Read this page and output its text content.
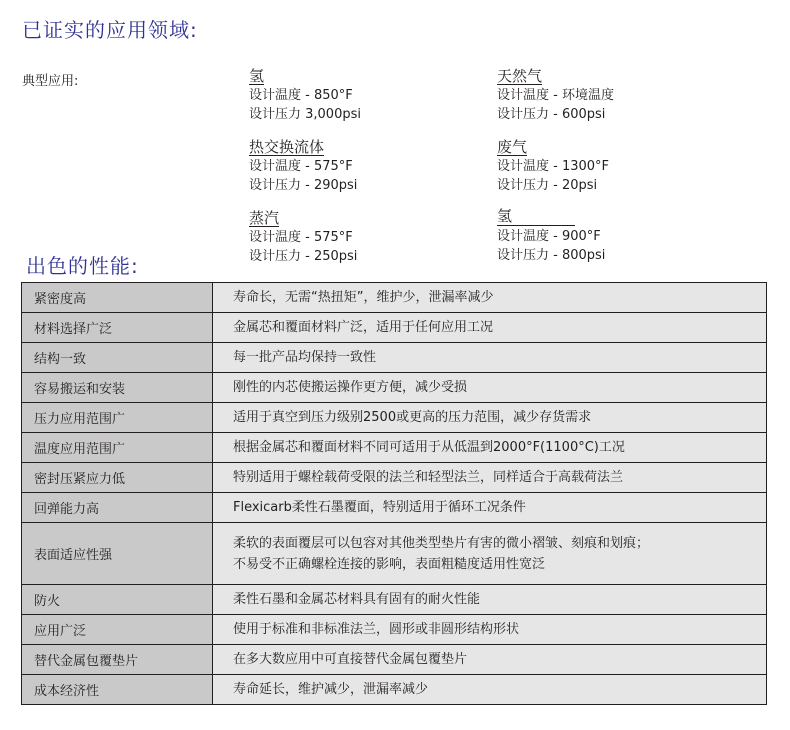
已证实的应用领域:
典型应用:	氢
设计温度 - 850°F
设计压力 3,000psi
天然气
设计温度 - 环境温度
设计压力 - 600psi
热交换流体
设计温度 - 575°F
设计压力 - 290psi
废气
设计温度 - 1300°F
设计压力 - 20psi
蒸汽
设计温度 - 575°F
设计压力 - 250psi
氢
设计温度 - 900°F
设计压力 - 800psi
出色的性能:
紧密度高	寿命长，无需“热扭矩”，维护少，泄漏率减少
材料选择广泛	金属芯和覆面材料广泛，适用于任何应用工况
结构一致	每一批产品均保持一致性
容易搬运和安装	刚性的内芯使搬运操作更方便，减少受损
压力应用范围广	适用于真空到压力级别2500或更高的压力范围，减少存货需求
温度应用范围广	根据金属芯和覆面材料不同可适用于从低温到2000°F(1100°C)工况
密封压紧应力低	特别适用于螺栓载荷受限的法兰和轻型法兰，同样适合于高载荷法兰
回弹能力高	Flexicarb柔性石墨覆面，特别适用于循环工况条件
表面适应性强	柔软的表面覆层可以包容对其他类型垫片有害的微小褶皱、刻痕和划痕；
不易受不正确螺栓连接的影响，表面粗糙度适用性宽泛

防火	柔性石墨和金属芯材料具有固有的耐火性能
应用广泛	使用于标准和非标准法兰，圆形或非圆形结构形状
替代金属包覆垫片	在多大数应用中可直接替代金属包覆垫片
成本经济性	寿命延长，维护减少，泄漏率减少
